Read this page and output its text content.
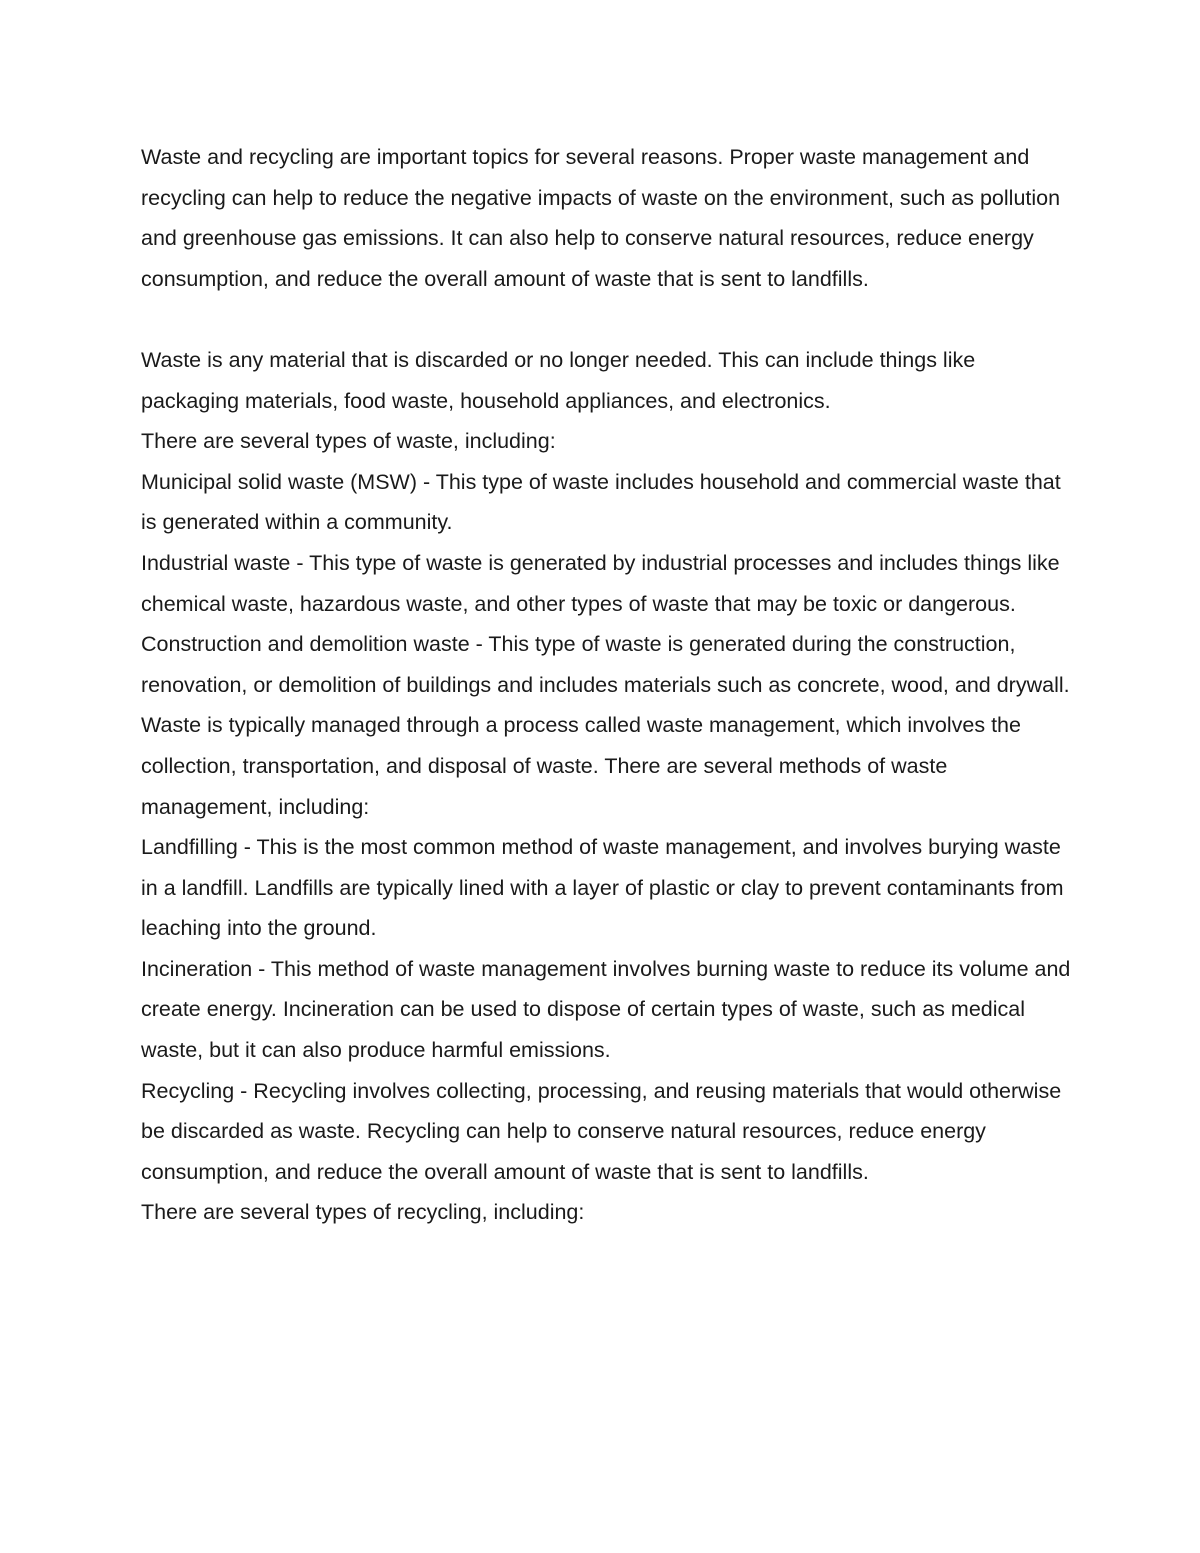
Waste and recycling are important topics for several reasons. Proper waste management and recycling can help to reduce the negative impacts of waste on the environment, such as pollution and greenhouse gas emissions. It can also help to conserve natural resources, reduce energy consumption, and reduce the overall amount of waste that is sent to landfills.

Waste is any material that is discarded or no longer needed. This can include things like packaging materials, food waste, household appliances, and electronics.

There are several types of waste, including:

Municipal solid waste (MSW) - This type of waste includes household and commercial waste that is generated within a community.

Industrial waste - This type of waste is generated by industrial processes and includes things like chemical waste, hazardous waste, and other types of waste that may be toxic or dangerous.

Construction and demolition waste - This type of waste is generated during the construction, renovation, or demolition of buildings and includes materials such as concrete, wood, and drywall.

Waste is typically managed through a process called waste management, which involves the collection, transportation, and disposal of waste. There are several methods of waste management, including:

Landfilling - This is the most common method of waste management, and involves burying waste in a landfill. Landfills are typically lined with a layer of plastic or clay to prevent contaminants from leaching into the ground.

Incineration - This method of waste management involves burning waste to reduce its volume and create energy. Incineration can be used to dispose of certain types of waste, such as medical waste, but it can also produce harmful emissions.

Recycling - Recycling involves collecting, processing, and reusing materials that would otherwise be discarded as waste. Recycling can help to conserve natural resources, reduce energy consumption, and reduce the overall amount of waste that is sent to landfills.

There are several types of recycling, including:
